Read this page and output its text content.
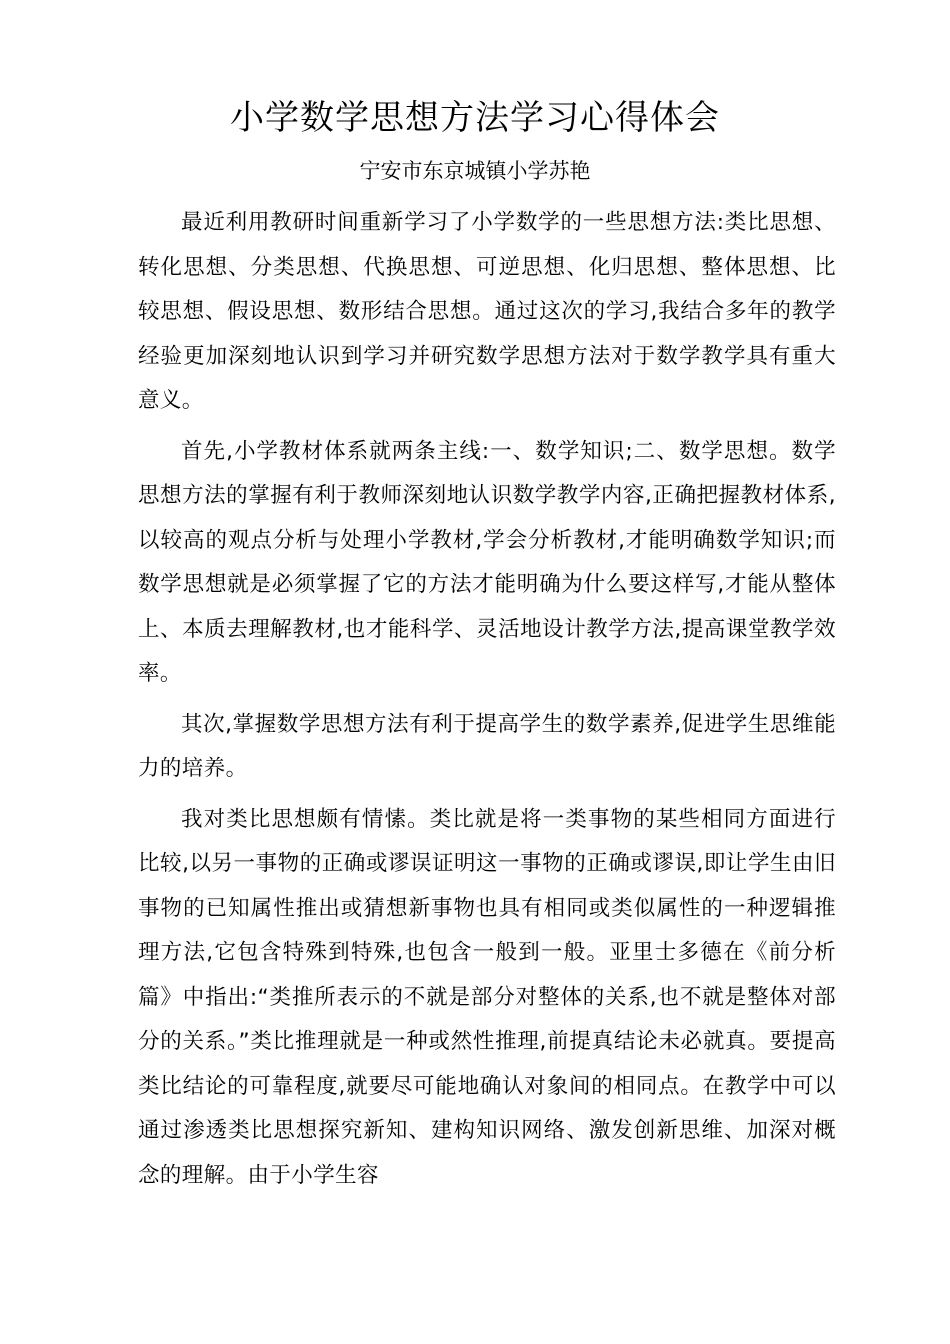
小学数学思想方法学习心得体会

宁安市东京城镇小学苏艳

最近利用教研时间重新学习了小学数学的一些思想方法:类比思想、转化思想、分类思想、代换思想、可逆思想、化归思想、整体思想、比较思想、假设思想、数形结合思想。通过这次的学习,我结合多年的教学经验更加深刻地认识到学习并研究数学思想方法对于数学教学具有重大意义。

首先,小学教材体系就两条主线:一、数学知识;二、数学思想。数学思想方法的掌握有利于教师深刻地认识数学教学内容,正确把握教材体系,以较高的观点分析与处理小学教材,学会分析教材,才能明确数学知识;而数学思想就是必须掌握了它的方法才能明确为什么要这样写,才能从整体上、本质去理解教材,也才能科学、灵活地设计教学方法,提高课堂教学效率。

其次,掌握数学思想方法有利于提高学生的数学素养,促进学生思维能力的培养。

我对类比思想颇有情愫。类比就是将一类事物的某些相同方面进行比较,以另一事物的正确或谬误证明这一事物的正确或谬误,即让学生由旧事物的已知属性推出或猜想新事物也具有相同或类似属性的一种逻辑推理方法,它包含特殊到特殊,也包含一般到一般。亚里士多德在《前分析篇》中指出:“类推所表示的不就是部分对整体的关系,也不就是整体对部分的关系。”类比推理就是一种或然性推理,前提真结论未必就真。要提高类比结论的可靠程度,就要尽可能地确认对象间的相同点。在教学中可以通过渗透类比思想探究新知、建构知识网络、激发创新思维、加深对概念的理解。由于小学生容
